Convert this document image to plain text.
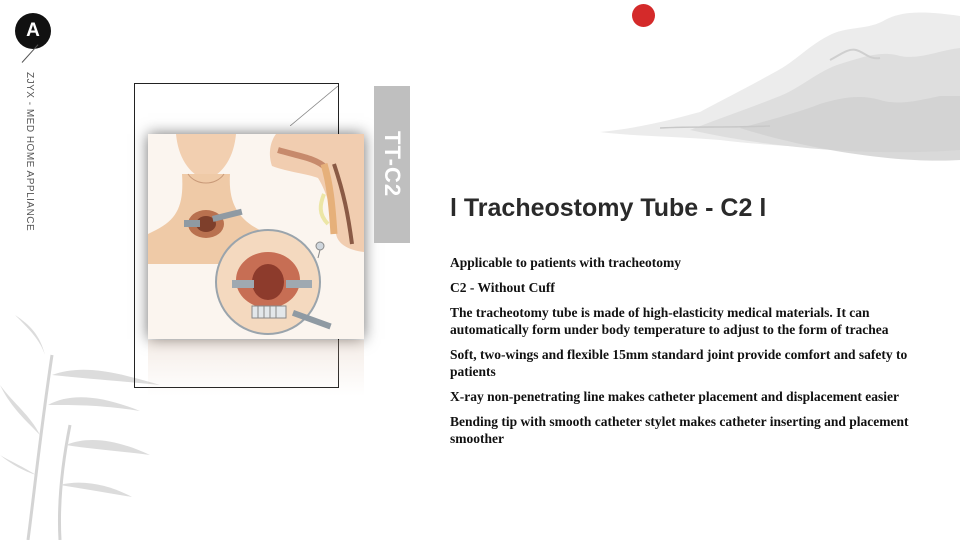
A
ZJYX - MED HOME APPLIANCE	TT-C2
l Tracheostomy Tube - C2 l
Applicable to patients with tracheotomy
C2 - Without Cuff
The tracheotomy tube is made of high-elasticity medical materials. It can automatically form under body temperature to adjust to the form of trachea
Soft, two-wings and flexible 15mm standard joint provide comfort and safety to patients
X-ray non-penetrating line makes catheter placement and displacement easier
Bending tip with smooth catheter stylet makes catheter inserting and placement smoother
